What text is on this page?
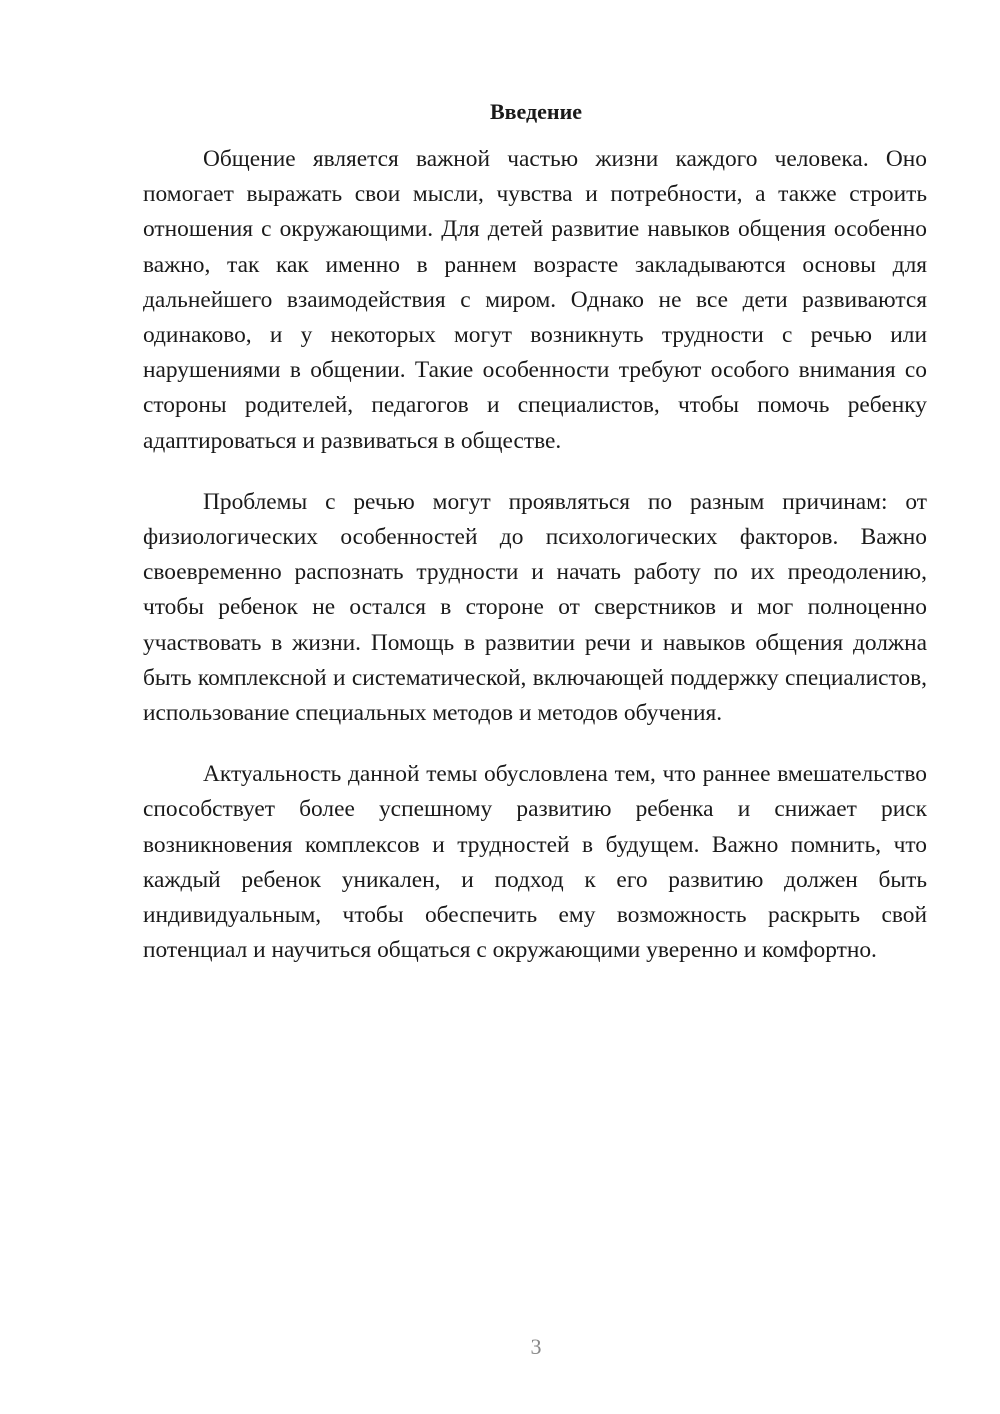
Введение

Общение является важной частью жизни каждого человека. Оно помогает выражать свои мысли, чувства и потребности, а также строить отношения с окружающими. Для детей развитие навыков общения особенно важно, так как именно в раннем возрасте закладываются основы для дальнейшего взаимодействия с миром. Однако не все дети развиваются одинаково, и у некоторых могут возникнуть трудности с речью или нарушениями в общении. Такие особенности требуют особого внимания со стороны родителей, педагогов и специалистов, чтобы помочь ребенку адаптироваться и развиваться в обществе.

Проблемы с речью могут проявляться по разным причинам: от физиологических особенностей до психологических факторов. Важно своевременно распознать трудности и начать работу по их преодолению, чтобы ребенок не остался в стороне от сверстников и мог полноценно участвовать в жизни. Помощь в развитии речи и навыков общения должна быть комплексной и систематической, включающей поддержку специалистов, использование специальных методов и методов обучения.

Актуальность данной темы обусловлена тем, что раннее вмешательство способствует более успешному развитию ребенка и снижает риск возникновения комплексов и трудностей в будущем. Важно помнить, что каждый ребенок уникален, и подход к его развитию должен быть индивидуальным, чтобы обеспечить ему возможность раскрыть свой потенциал и научиться общаться с окружающими уверенно и комфортно.

3
